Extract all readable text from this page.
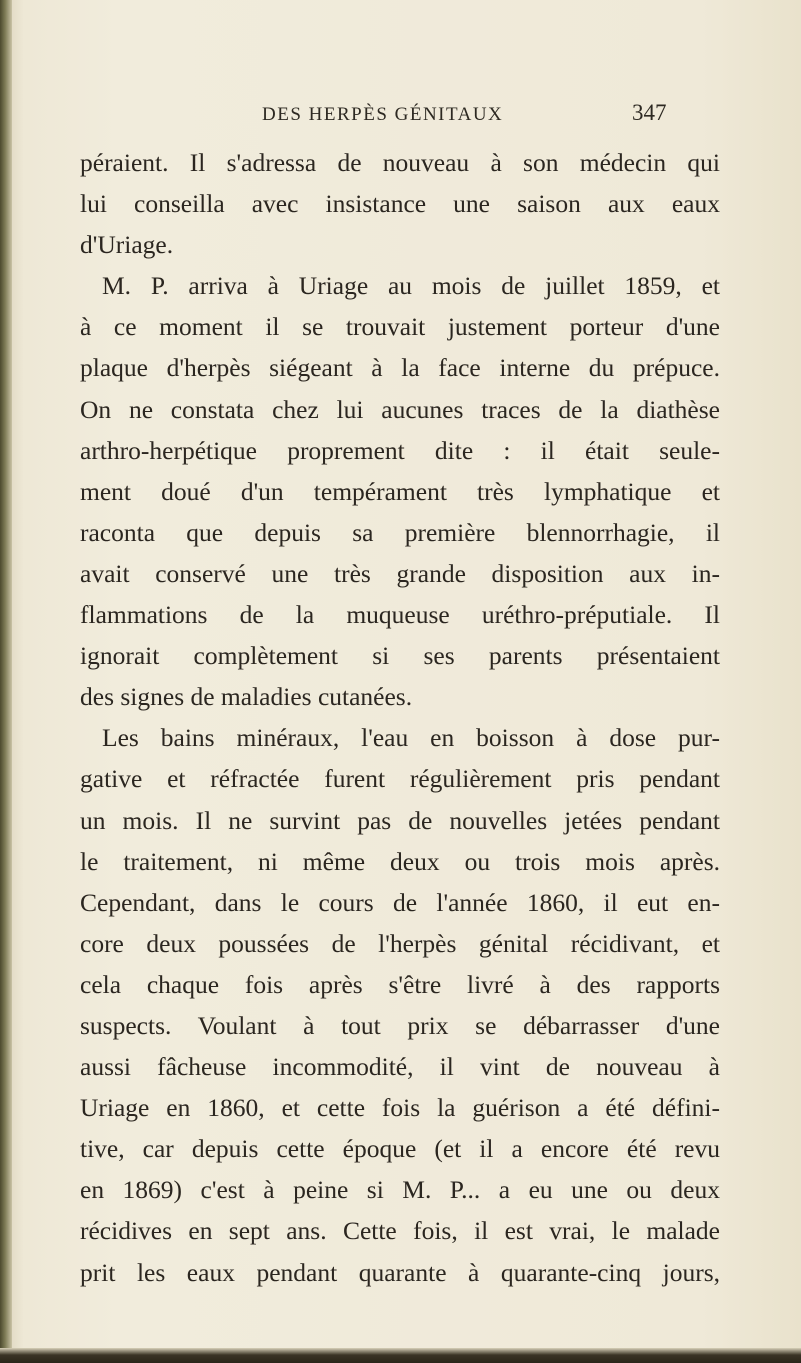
DES HERPÈS GÉNITAUX	347
péraient. Il s'adressa de nouveau à son médecin qui
lui conseilla avec insistance une saison aux eaux
d'Uriage.
M. P. arriva à Uriage au mois de juillet 1859, et
à ce moment il se trouvait justement porteur d'une
plaque d'herpès siégeant à la face interne du prépuce.
On ne constata chez lui aucunes traces de la diathèse
arthro-herpétique proprement dite : il était seule-
ment doué d'un tempérament très lymphatique et
raconta que depuis sa première blennorrhagie, il
avait conservé une très grande disposition aux in-
flammations de la muqueuse uréthro-préputiale. Il
ignorait complètement si ses parents présentaient
des signes de maladies cutanées.
Les bains minéraux, l'eau en boisson à dose pur-
gative et réfractée furent régulièrement pris pendant
un mois. Il ne survint pas de nouvelles jetées pendant
le traitement, ni même deux ou trois mois après.
Cependant, dans le cours de l'année 1860, il eut en-
core deux poussées de l'herpès génital récidivant, et
cela chaque fois après s'être livré à des rapports
suspects. Voulant à tout prix se débarrasser d'une
aussi fâcheuse incommodité, il vint de nouveau à
Uriage en 1860, et cette fois la guérison a été défini-
tive, car depuis cette époque (et il a encore été revu
en 1869) c'est à peine si M. P... a eu une ou deux
récidives en sept ans. Cette fois, il est vrai, le malade
prit les eaux pendant quarante à quarante-cinq jours,
